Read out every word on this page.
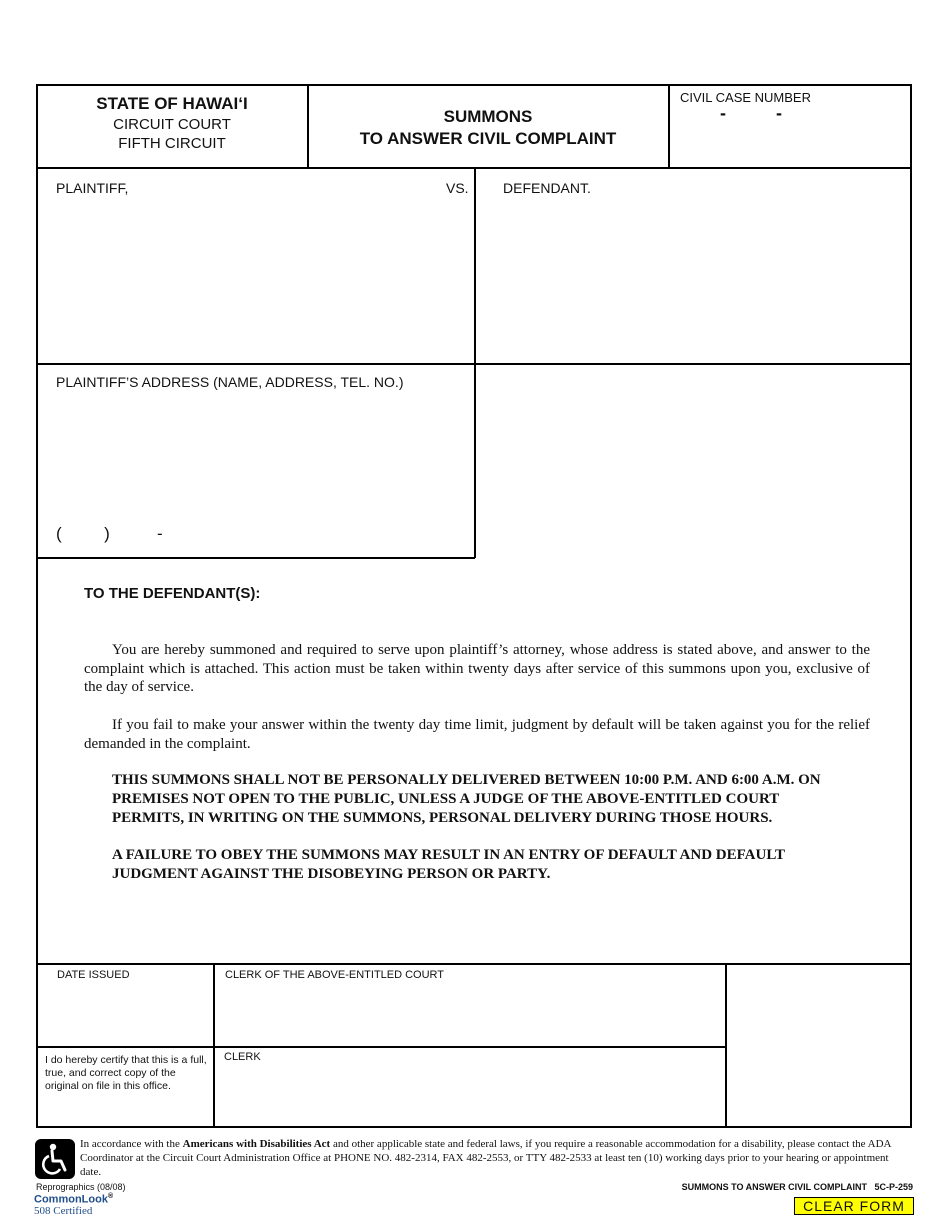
STATE OF HAWAI‘I
CIRCUIT COURT
FIFTH CIRCUIT
SUMMONS
TO ANSWER CIVIL COMPLAINT
CIVIL CASE NUMBER
-          -
PLAINTIFF,	VS. DEFENDANT.
PLAINTIFF’S ADDRESS (NAME, ADDRESS, TEL. NO.)
(         )          -
TO THE DEFENDANT(S):
You are hereby summoned and required to serve upon plaintiff’s attorney, whose address is stated above, and answer to the complaint which is attached. This action must be taken within twenty days after service of this summons upon you, exclusive of the day of service.
If you fail to make your answer within the twenty day time limit, judgment by default will be taken against you for the relief demanded in the complaint.
THIS SUMMONS SHALL NOT BE PERSONALLY DELIVERED BETWEEN 10:00 P.M. AND 6:00 A.M. ON PREMISES NOT OPEN TO THE PUBLIC, UNLESS A JUDGE OF THE ABOVE-ENTITLED COURT PERMITS, IN WRITING ON THE SUMMONS, PERSONAL DELIVERY DURING THOSE HOURS.
A FAILURE TO OBEY THE SUMMONS MAY RESULT IN AN ENTRY OF DEFAULT AND DEFAULT JUDGMENT AGAINST THE DISOBEYING PERSON OR PARTY.
DATE ISSUED	CLERK OF THE ABOVE-ENTITLED COURT
I do hereby certify that this is a full, true, and correct copy of the original on file in this office.
CLERK
In accordance with the Americans with Disabilities Act and other applicable state and federal laws, if you require a reasonable accommodation for a disability, please contact the ADA Coordinator at the Circuit Court Administration Office at PHONE NO. 482-2314, FAX 482-2553, or TTY 482-2533 at least ten (10) working days prior to your hearing or appointment date.
Reprographics (08/08)
CommonLook®
508 Certified
SUMMONS TO ANSWER CIVIL COMPLAINT   5C-P-259
CLEAR FORM
